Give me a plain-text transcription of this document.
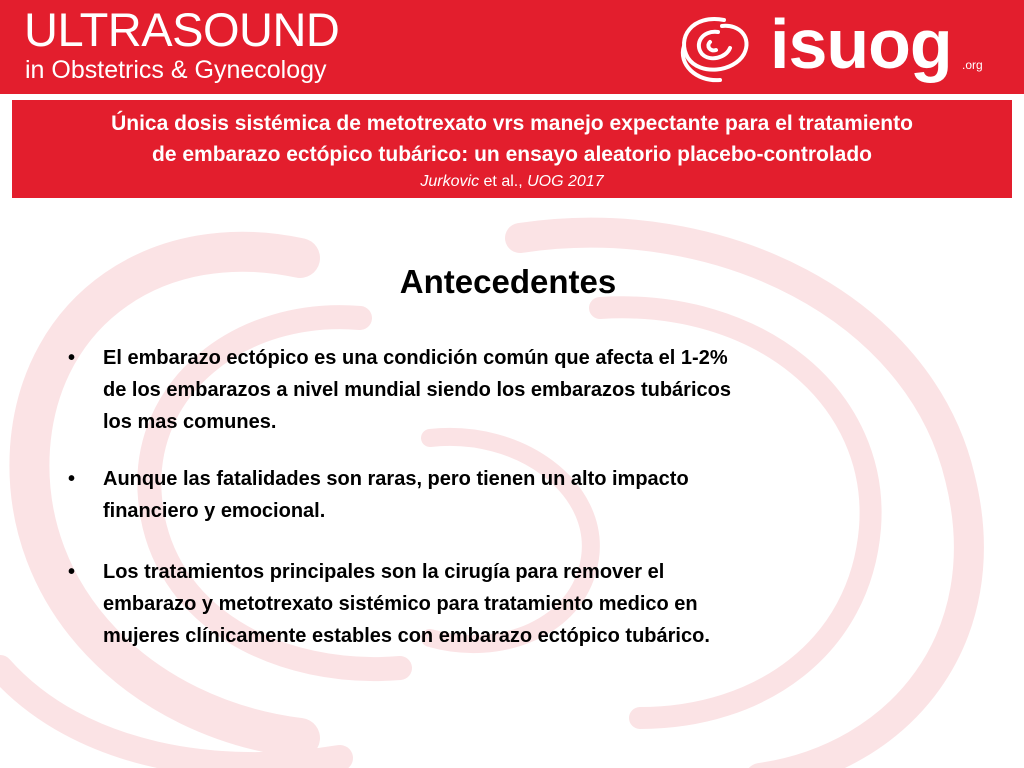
ULTRASOUND
in Obstetrics & Gynecology	isuog .org
Única dosis sistémica de metotrexato vrs manejo expectante para el tratamiento
de embarazo ectópico tubárico: un ensayo aleatorio placebo-controlado
Jurkovic et al., UOG 2017
Antecedentes
•	El embarazo ectópico es una condición común que afecta el 1-2%
de los embarazos a nivel mundial siendo los embarazos tubáricos
los mas comunes.
•	Aunque las fatalidades son raras, pero tienen un alto impacto
financiero y emocional.
•	Los tratamientos principales son la cirugía para remover el
embarazo y metotrexato sistémico para tratamiento medico en
mujeres clínicamente estables con embarazo ectópico tubárico.
